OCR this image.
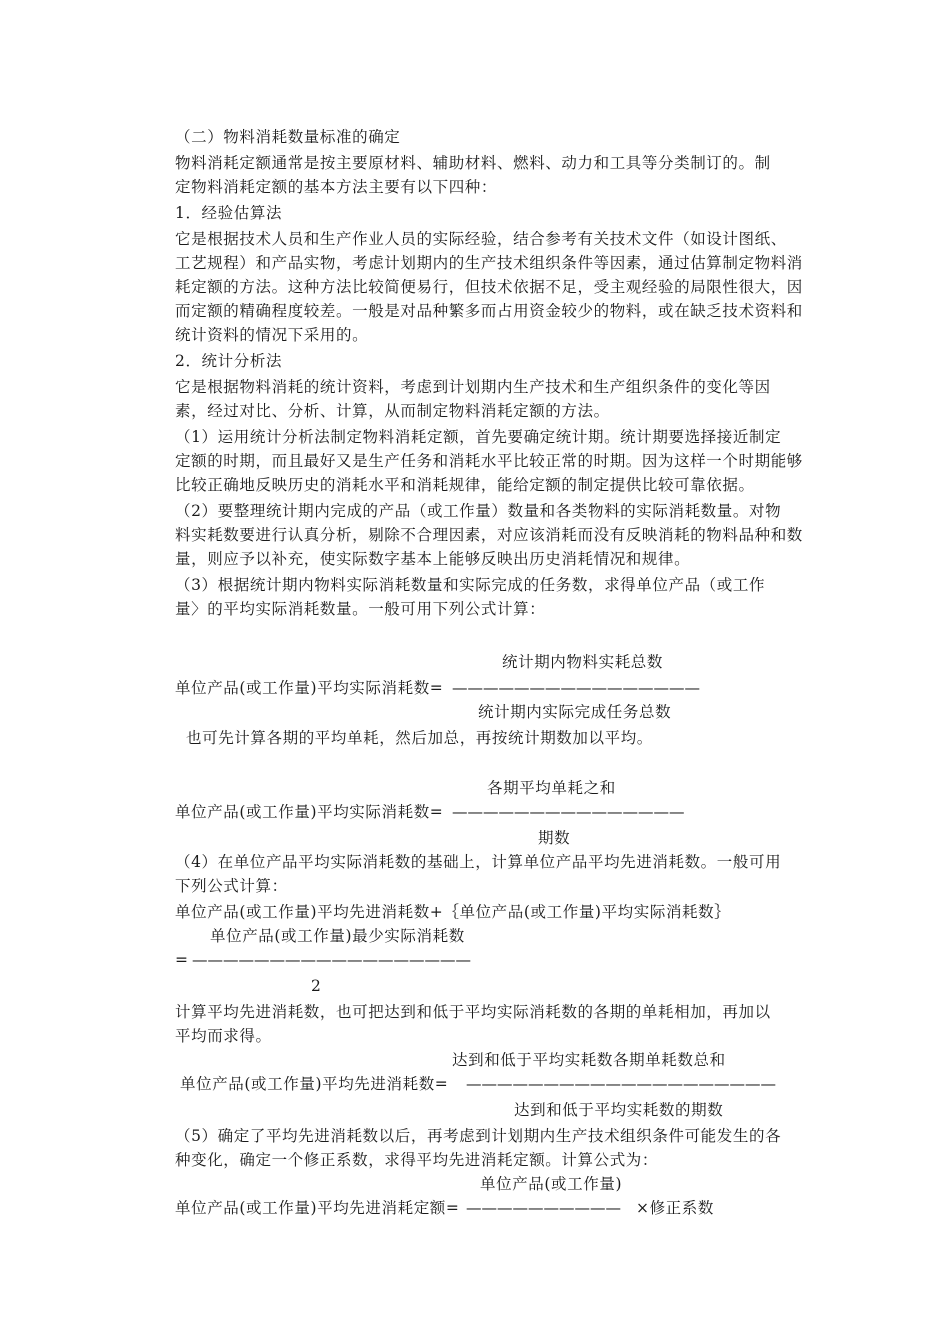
（二）物料消耗数量标准的确定
物料消耗定额通常是按主要原材料、辅助材料、燃料、动力和工具等分类制订的。制
定物料消耗定额的基本方法主要有以下四种：
1．经验估算法
它是根据技术人员和生产作业人员的实际经验，结合参考有关技术文件（如设计图纸、
工艺规程）和产品实物，考虑计划期内的生产技术组织条件等因素，通过估算制定物料消
耗定额的方法。这种方法比较简便易行，但技术依据不足，受主观经验的局限性很大，因
而定额的精确程度较差。一般是对品种繁多而占用资金较少的物料，或在缺乏技术资料和
统计资料的情况下采用的。
2．统计分析法
它是根据物料消耗的统计资料，考虑到计划期内生产技术和生产组织条件的变化等因
素，经过对比、分析、计算，从而制定物料消耗定额的方法。
（1）运用统计分析法制定物料消耗定额，首先要确定统计期。统计期要选择接近制定
定额的时期，而且最好又是生产任务和消耗水平比较正常的时期。因为这样一个时期能够
比较正确地反映历史的消耗水平和消耗规律，能给定额的制定提供比较可靠依据。
（2）要整理统计期内完成的产品（或工作量）数量和各类物料的实际消耗数量。对物
料实耗数要进行认真分析，剔除不合理因素，对应该消耗而没有反映消耗的物料品种和数
量，则应予以补充，使实际数字基本上能够反映出历史消耗情况和规律。
（3）根据统计期内物料实际消耗数量和实际完成的任务数，求得单位产品（或工作
量〉的平均实际消耗数量。一般可用下列公式计算：
统计期内物料实耗总数
单位产品(或工作量)平均实际消耗数= ————————————————
统计期内实际完成任务总数
也可先计算各期的平均单耗，然后加总，再按统计期数加以平均。
各期平均单耗之和
单位产品(或工作量)平均实际消耗数= ———————————————
期数
（4）在单位产品平均实际消耗数的基础上，计算单位产品平均先进消耗数。一般可用
下列公式计算：
单位产品(或工作量)平均先进消耗数+｛单位产品(或工作量)平均实际消耗数｝
单位产品(或工作量)最少实际消耗数
= ——————————————————
2
计算平均先进消耗数，也可把达到和低于平均实际消耗数的各期的单耗相加，再加以
平均而求得。
达到和低于平均实耗数各期单耗数总和
单位产品(或工作量)平均先进消耗数= ————————————————————
达到和低于平均实耗数的期数
（5）确定了平均先进消耗数以后，再考虑到计划期内生产技术组织条件可能发生的各
种变化，确定一个修正系数，求得平均先进消耗定额。计算公式为：
单位产品(或工作量)
单位产品(或工作量)平均先进消耗定额= —————————— ×修正系数
